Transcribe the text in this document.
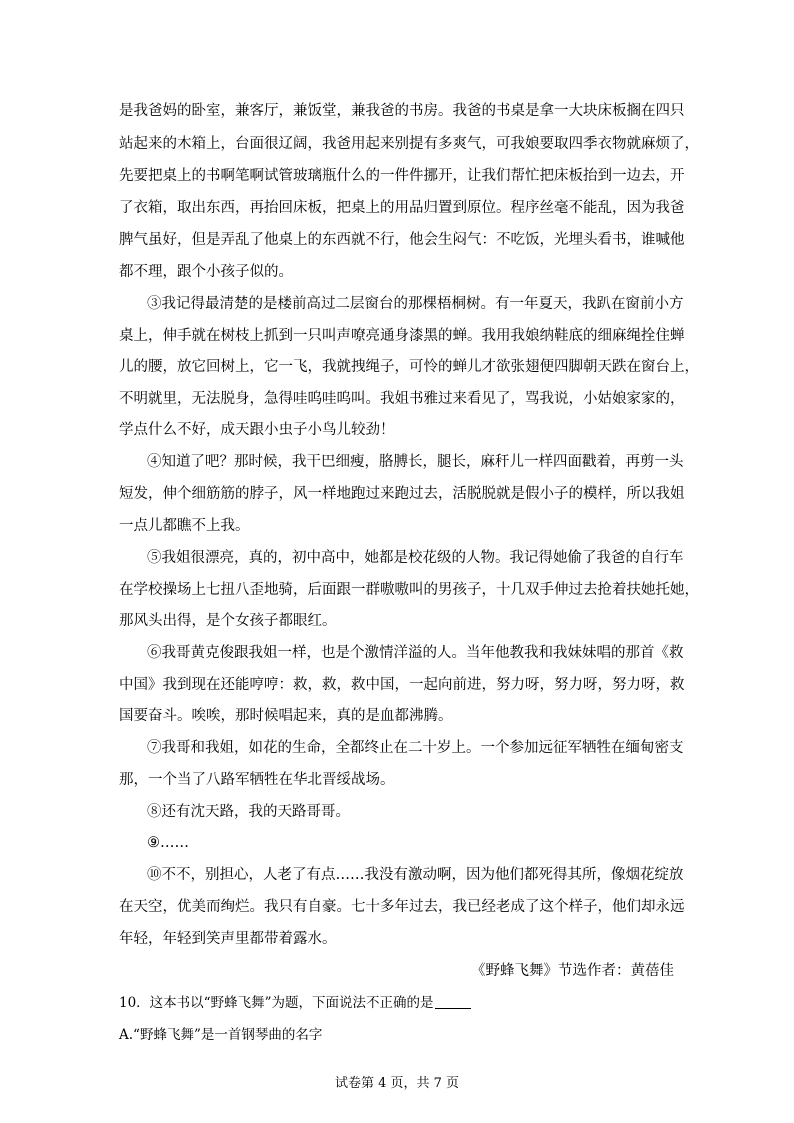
是我爸妈的卧室，兼客厅，兼饭堂，兼我爸的书房。我爸的书桌是拿一大块床板搁在四只
站起来的木箱上，台面很辽阔，我爸用起来别提有多爽气，可我娘要取四季衣物就麻烦了，
先要把桌上的书啊笔啊试管玻璃瓶什么的一件件挪开，让我们帮忙把床板抬到一边去，开
了衣箱，取出东西，再抬回床板，把桌上的用品归置到原位。程序丝毫不能乱，因为我爸
脾气虽好，但是弄乱了他桌上的东西就不行，他会生闷气：不吃饭，光埋头看书，谁喊他
都不理，跟个小孩子似的。
③我记得最清楚的是楼前高过二层窗台的那棵梧桐树。有一年夏天，我趴在窗前小方
桌上，伸手就在树枝上抓到一只叫声嘹亮通身漆黑的蝉。我用我娘纳鞋底的细麻绳拴住蝉
儿的腰，放它回树上，它一飞，我就拽绳子，可怜的蝉儿才欲张翅便四脚朝天跌在窗台上，
不明就里，无法脱身，急得哇呜哇呜叫。我姐书雅过来看见了，骂我说，小姑娘家家的，
学点什么不好，成天跟小虫子小鸟儿较劲！
④知道了吧？那时候，我干巴细瘦，胳膊长，腿长，麻秆儿一样四面戳着，再剪一头
短发，伸个细筋筋的脖子，风一样地跑过来跑过去，活脱脱就是假小子的模样，所以我姐
一点儿都瞧不上我。
⑤我姐很漂亮，真的，初中高中，她都是校花级的人物。我记得她偷了我爸的自行车
在学校操场上七扭八歪地骑，后面跟一群嗷嗷叫的男孩子，十几双手伸过去抢着扶她托她，
那风头出得，是个女孩子都眼红。
⑥我哥黄克俊跟我姐一样，也是个激情洋溢的人。当年他教我和我妹妹唱的那首《救
中国》我到现在还能哼哼：救，救，救中国，一起向前进，努力呀，努力呀，努力呀，救
国要奋斗。唉唉，那时候唱起来，真的是血都沸腾。
⑦我哥和我姐，如花的生命，全都终止在二十岁上。一个参加远征军牺牲在缅甸密支
那，一个当了八路军牺牲在华北晋绥战场。
⑧还有沈天路，我的天路哥哥。
⑨……
⑩不不，别担心，人老了有点……我没有激动啊，因为他们都死得其所，像烟花绽放
在天空，优美而绚烂。我只有自豪。七十多年过去，我已经老成了这个样子，他们却永远
年轻，年轻到笑声里都带着露水。
《野蜂飞舞》节选作者：黄蓓佳
10．这本书以“野蜂飞舞”为题，下面说法不正确的是
A.“野蜂飞舞”是一首钢琴曲的名字
试卷第 4 页，共 7 页
